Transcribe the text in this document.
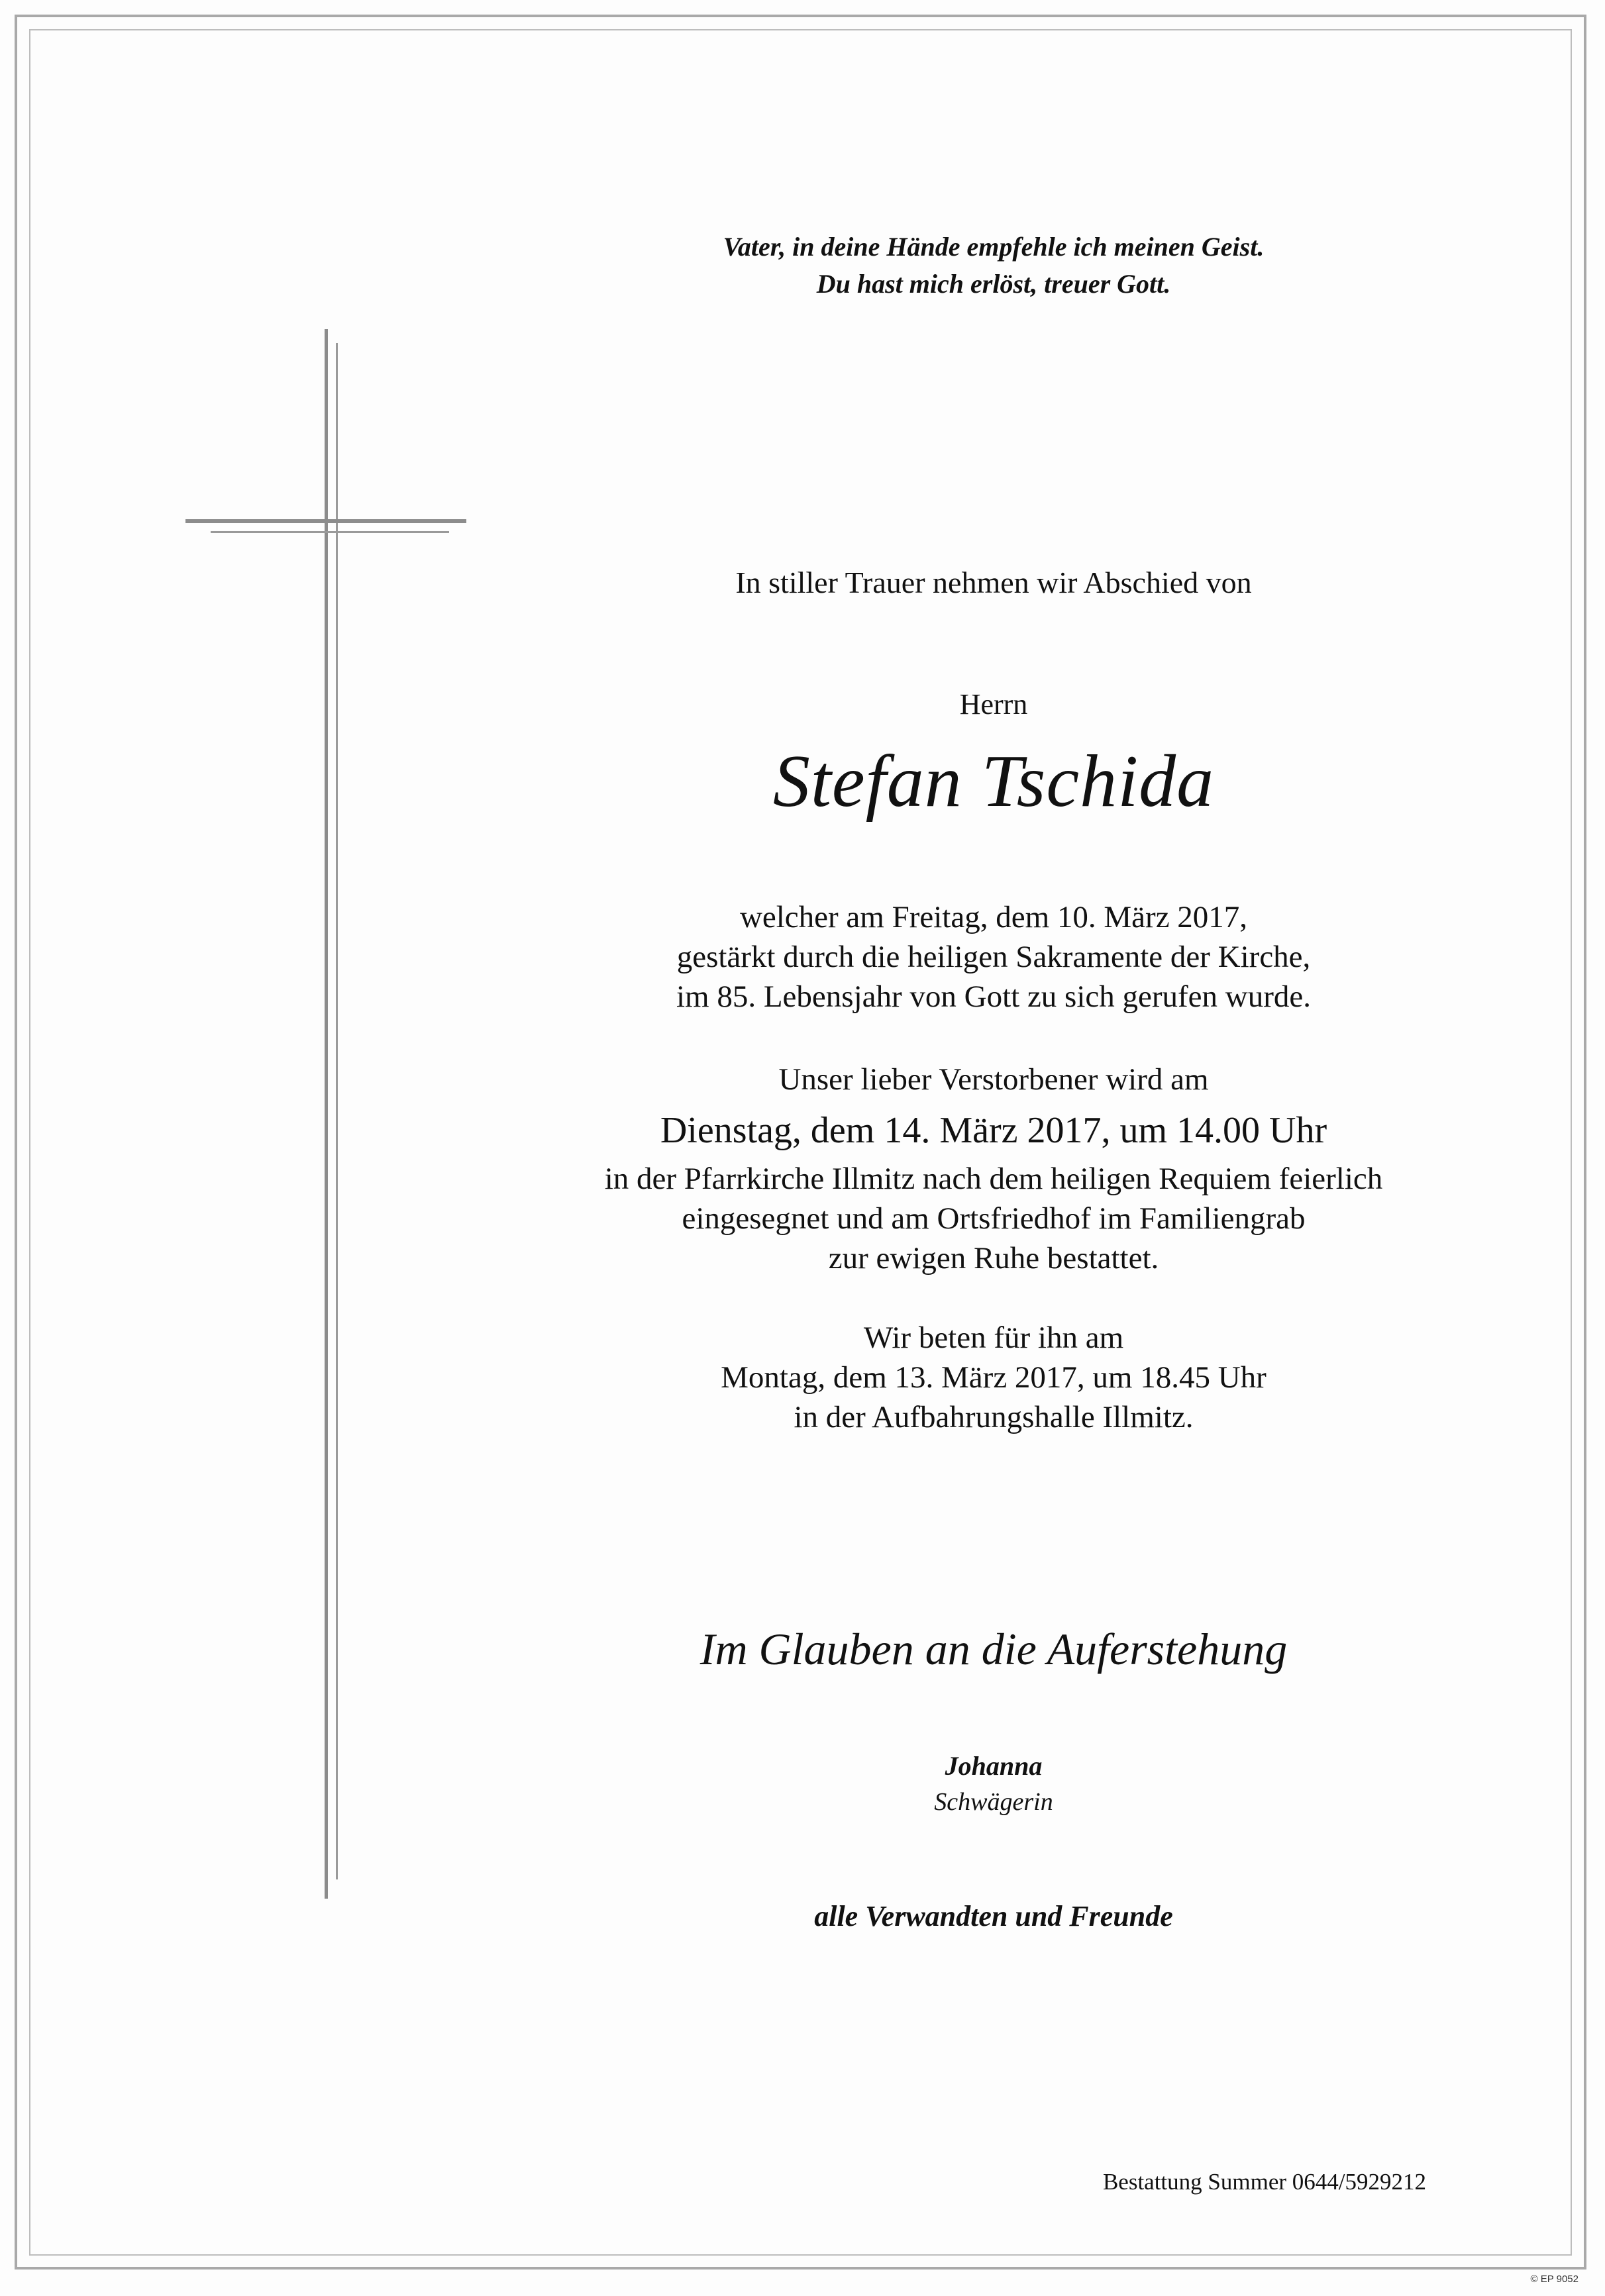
Vater, in deine Hände empfehle ich meinen Geist.
Du hast mich erlöst, treuer Gott.

In stiller Trauer nehmen wir Abschied von

Herrn

Stefan Tschida

welcher am Freitag, dem 10. März 2017,
gestärkt durch die heiligen Sakramente der Kirche,
im 85. Lebensjahr von Gott zu sich gerufen wurde.

Unser lieber Verstorbener wird am

Dienstag, dem 14. März 2017, um 14.00 Uhr

in der Pfarrkirche Illmitz nach dem heiligen Requiem feierlich
eingesegnet und am Ortsfriedhof im Familiengrab
zur ewigen Ruhe bestattet.

Wir beten für ihn am
Montag, dem 13. März 2017, um 18.45 Uhr
in der Aufbahrungshalle Illmitz.

Im Glauben an die Auferstehung

Johanna

Schwägerin

alle Verwandten und Freunde

Bestattung Summer 0644/5929212
© EP 9052
